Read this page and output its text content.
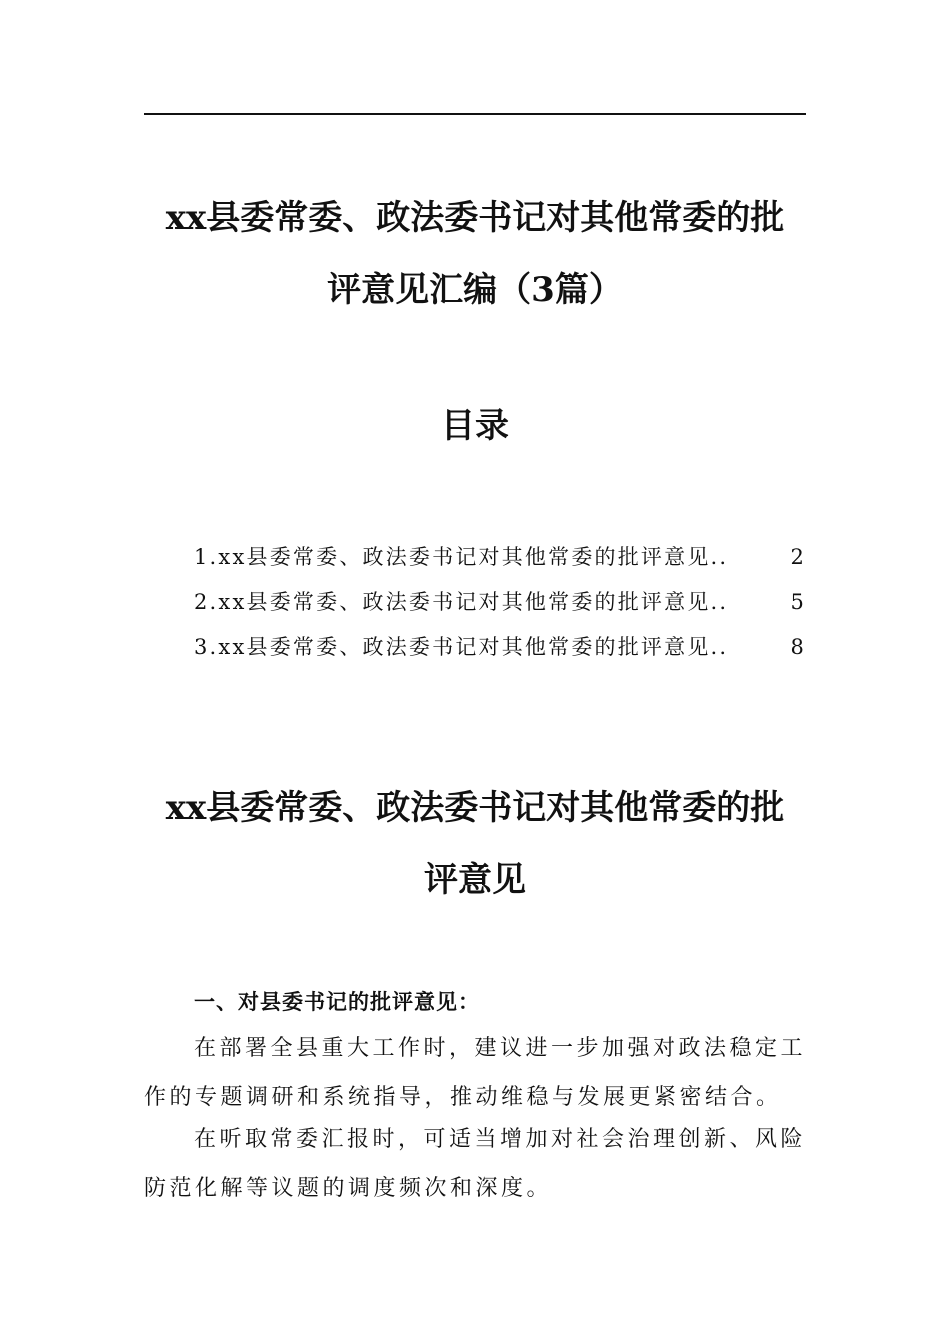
xx县委常委、政法委书记对其他常委的批
评意见汇编（3篇）
目录
1.xx县委常委、政法委书记对其他常委的批评意见..	2
2.xx县委常委、政法委书记对其他常委的批评意见..	5
3.xx县委常委、政法委书记对其他常委的批评意见..	8
xx县委常委、政法委书记对其他常委的批
评意见
一、对县委书记的批评意见：

在部署全县重大工作时，建议进一步加强对政法稳定工作的专题调研和系统指导，推动维稳与发展更紧密结合。

在听取常委汇报时，可适当增加对社会治理创新、风险防范化解等议题的调度频次和深度。
